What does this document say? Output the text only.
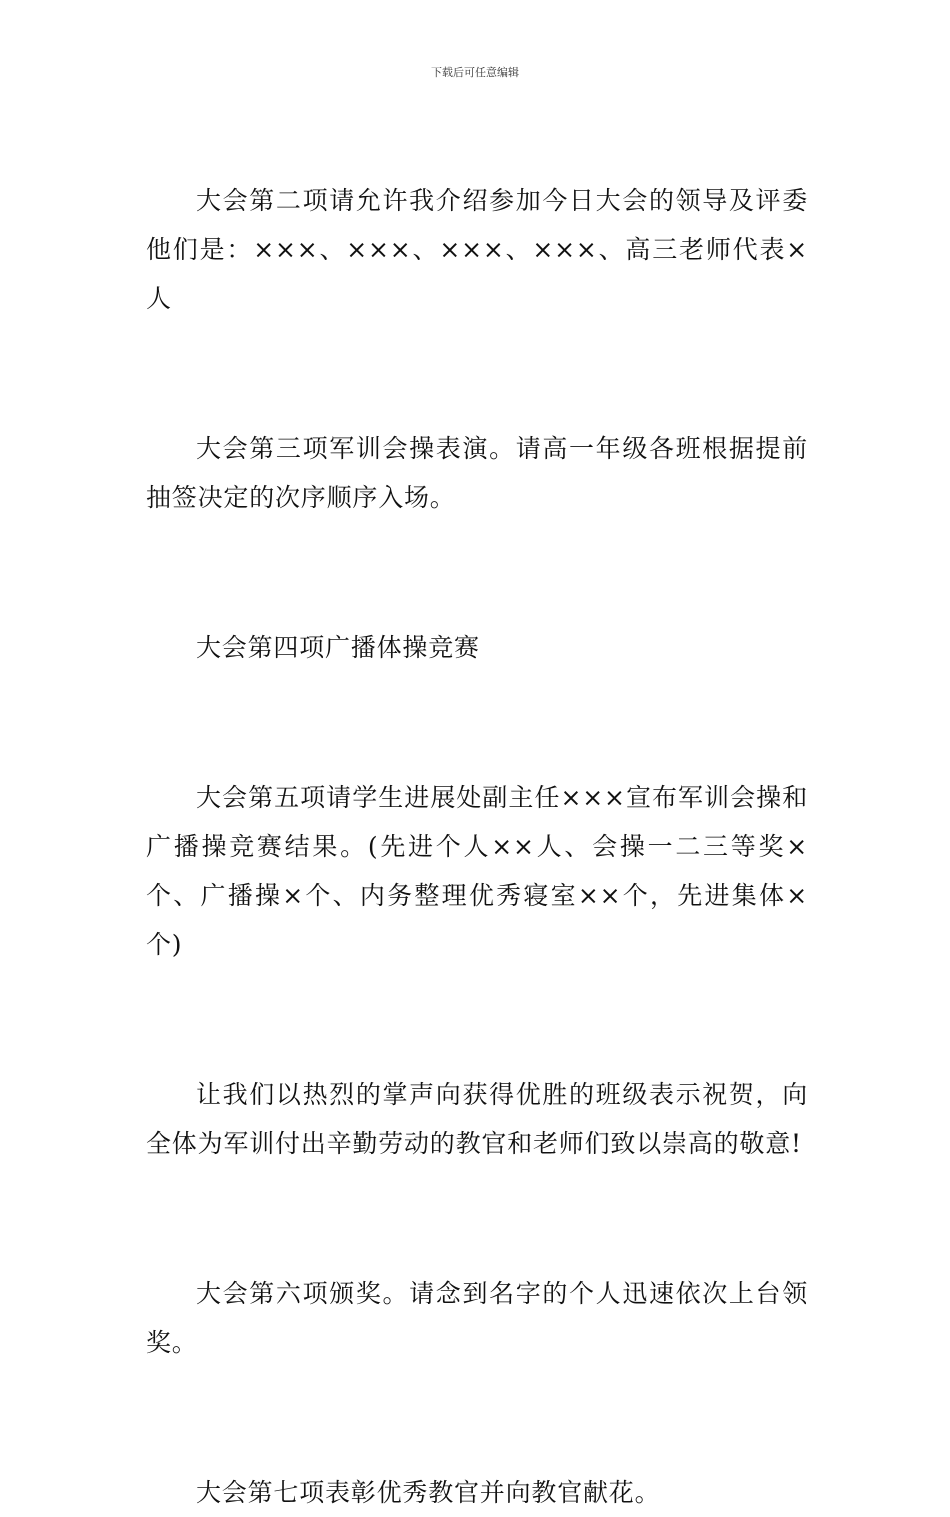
下载后可任意编辑

大会第二项请允许我介绍参加今日大会的领导及评委他们是：×××、×××、×××、×××、高三老师代表×人

大会第三项军训会操表演。请高一年级各班根据提前抽签决定的次序顺序入场。

大会第四项广播体操竞赛

大会第五项请学生进展处副主任×××宣布军训会操和广播操竞赛结果。(先进个人××人、会操一二三等奖×个、广播操×个、内务整理优秀寝室××个，先进集体×个)

让我们以热烈的掌声向获得优胜的班级表示祝贺，向全体为军训付出辛勤劳动的教官和老师们致以崇高的敬意!

大会第六项颁奖。请念到名字的个人迅速依次上台领奖。

大会第七项表彰优秀教官并向教官献花。
